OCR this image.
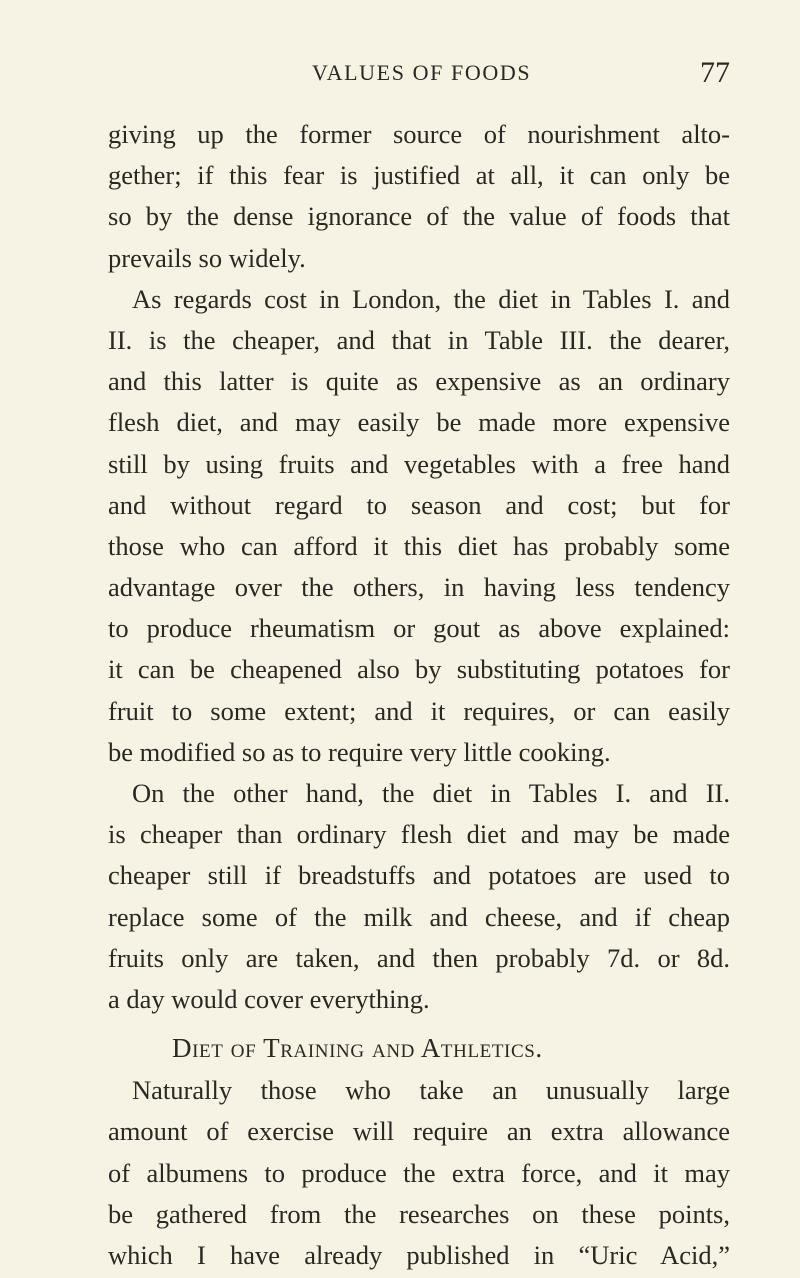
VALUES OF FOODS	77
giving up the former source of nourishment alto-
gether; if this fear is justified at all, it can only be
so by the dense ignorance of the value of foods that
prevails so widely.
As regards cost in London, the diet in Tables I. and
II. is the cheaper, and that in Table III. the dearer,
and this latter is quite as expensive as an ordinary
flesh diet, and may easily be made more expensive
still by using fruits and vegetables with a free hand
and without regard to season and cost; but for
those who can afford it this diet has probably some
advantage over the others, in having less tendency
to produce rheumatism or gout as above explained:
it can be cheapened also by substituting potatoes for
fruit to some extent; and it requires, or can easily
be modified so as to require very little cooking.
On the other hand, the diet in Tables I. and II.
is cheaper than ordinary flesh diet and may be made
cheaper still if breadstuffs and potatoes are used to
replace some of the milk and cheese, and if cheap
fruits only are taken, and then probably 7d. or 8d.
a day would cover everything.
Diet of Training and Athletics.
Naturally those who take an unusually large
amount of exercise will require an extra allowance
of albumens to produce the extra force, and it may
be gathered from the researches on these points,
which I have already published in “Uric Acid,”
